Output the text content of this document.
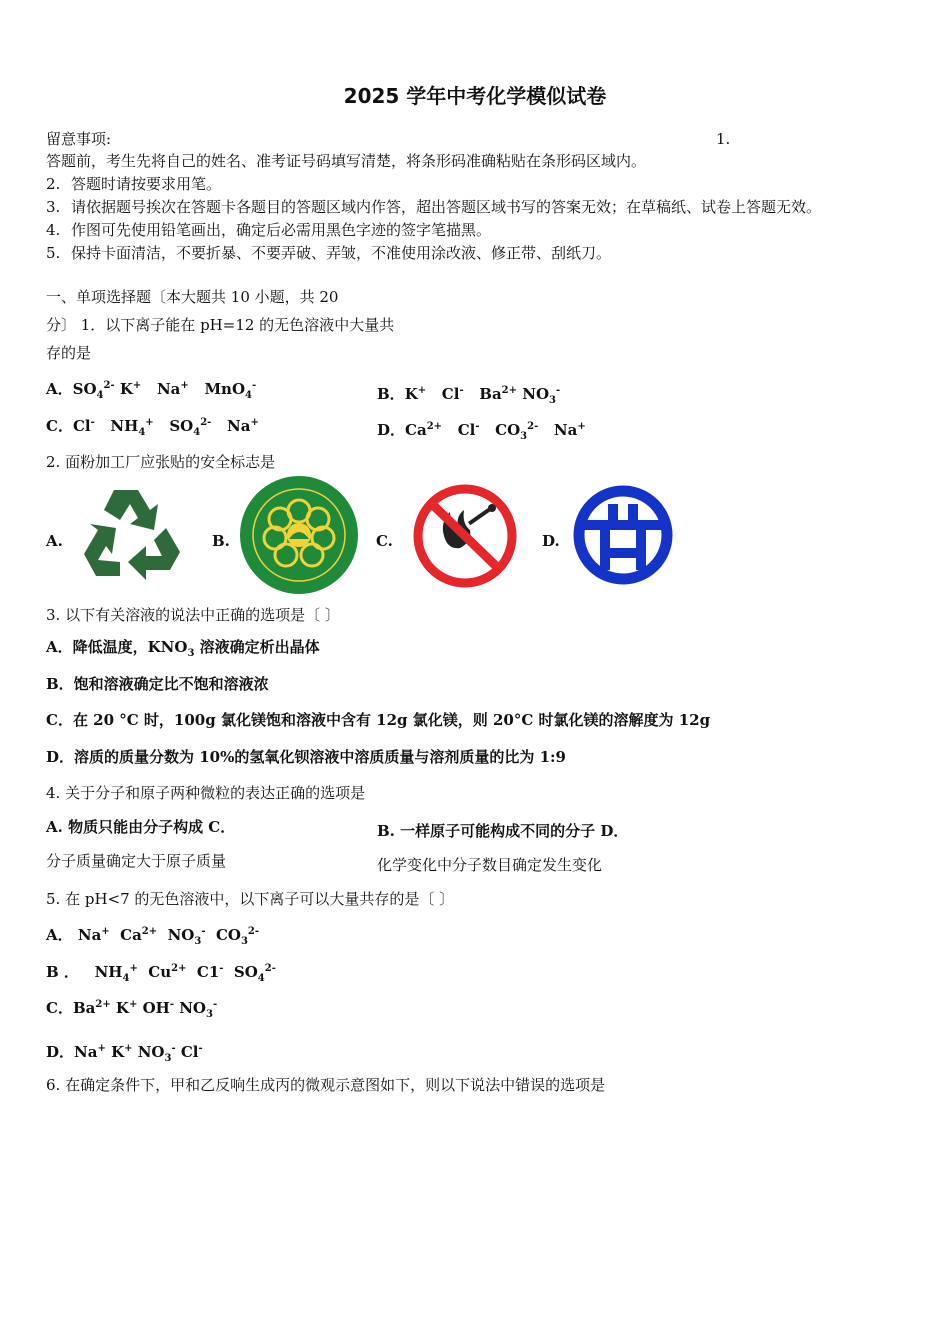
2025 学年中考化学模似试卷
留意事项:	1.
答题前，考生先将自己的姓名、准考证号码填写清楚，将条形码准确粘贴在条形码区域内。
2. 答题时请按要求用笔。
3. 请依据题号挨次在答题卡各题目的答题区域内作答，超出答题区域书写的答案无效；在草稿纸、试卷上答题无效。
4. 作图可先使用铅笔画出，确定后必需用黑色字迹的签字笔描黑。
5. 保持卡面清洁，不要折暴、不要弄破、弄皱，不准使用涂改液、修正带、刮纸刀。
一、单项选择题〔本大题共 10 小题，共 20
分〕 1．以下离子能在 pH=12 的无色溶液中大量共
存的是
A．$SO_4^{2-}$ K+   Na+   MnO$_4$-	B．K+   Cl-   $Ba^{2+}$ $NO_3^-$
C．Cl-   $NH_4^+$   $SO_4^{2-}$   Na+	D．$Ca^{2+}$   Cl-   $CO_3^{2-}$   Na+
2. 面粉加工厂应张贴的安全标志是
A.	B.	C.	D.
3. 以下有关溶液的说法中正确的选项是〔 〕
A．降低温度，$KNO_3$ 溶液确定析出晶体
B．饱和溶液确定比不饱和溶液浓
C．在 20 °C 时，100g 氯化镁饱和溶液中含有 12g 氯化镁，则 20°C 时氯化镁的溶解度为 12g
D．溶质的质量分数为 10%的氢氧化钡溶液中溶质质量与溶剂质量的比为 1:9
4. 关于分子和原子两种微粒的表达正确的选项是
A. 物质只能由分子构成 C．	B. 一样原子可能构成不同的分子 D．
分子质量确定大于原子质量	化学变化中分子数目确定发生变化
5. 在 pH<7 的无色溶液中，以下离子可以大量共存的是〔 〕
A． Na+  $Ca^{2+}$  $NO_3^-$  $CO_3^{2-}$
B ．   $NH_4^+$  $Cu^{2+}$  C1-  $SO_4^{2-}$
C．$Ba^{2+}$ K+ OH- $NO_3^-$
D．Na+ K+ $NO_3^-$ Cl-
6. 在确定条件下，甲和乙反响生成丙的微观示意图如下，则以下说法中错误的选项是
